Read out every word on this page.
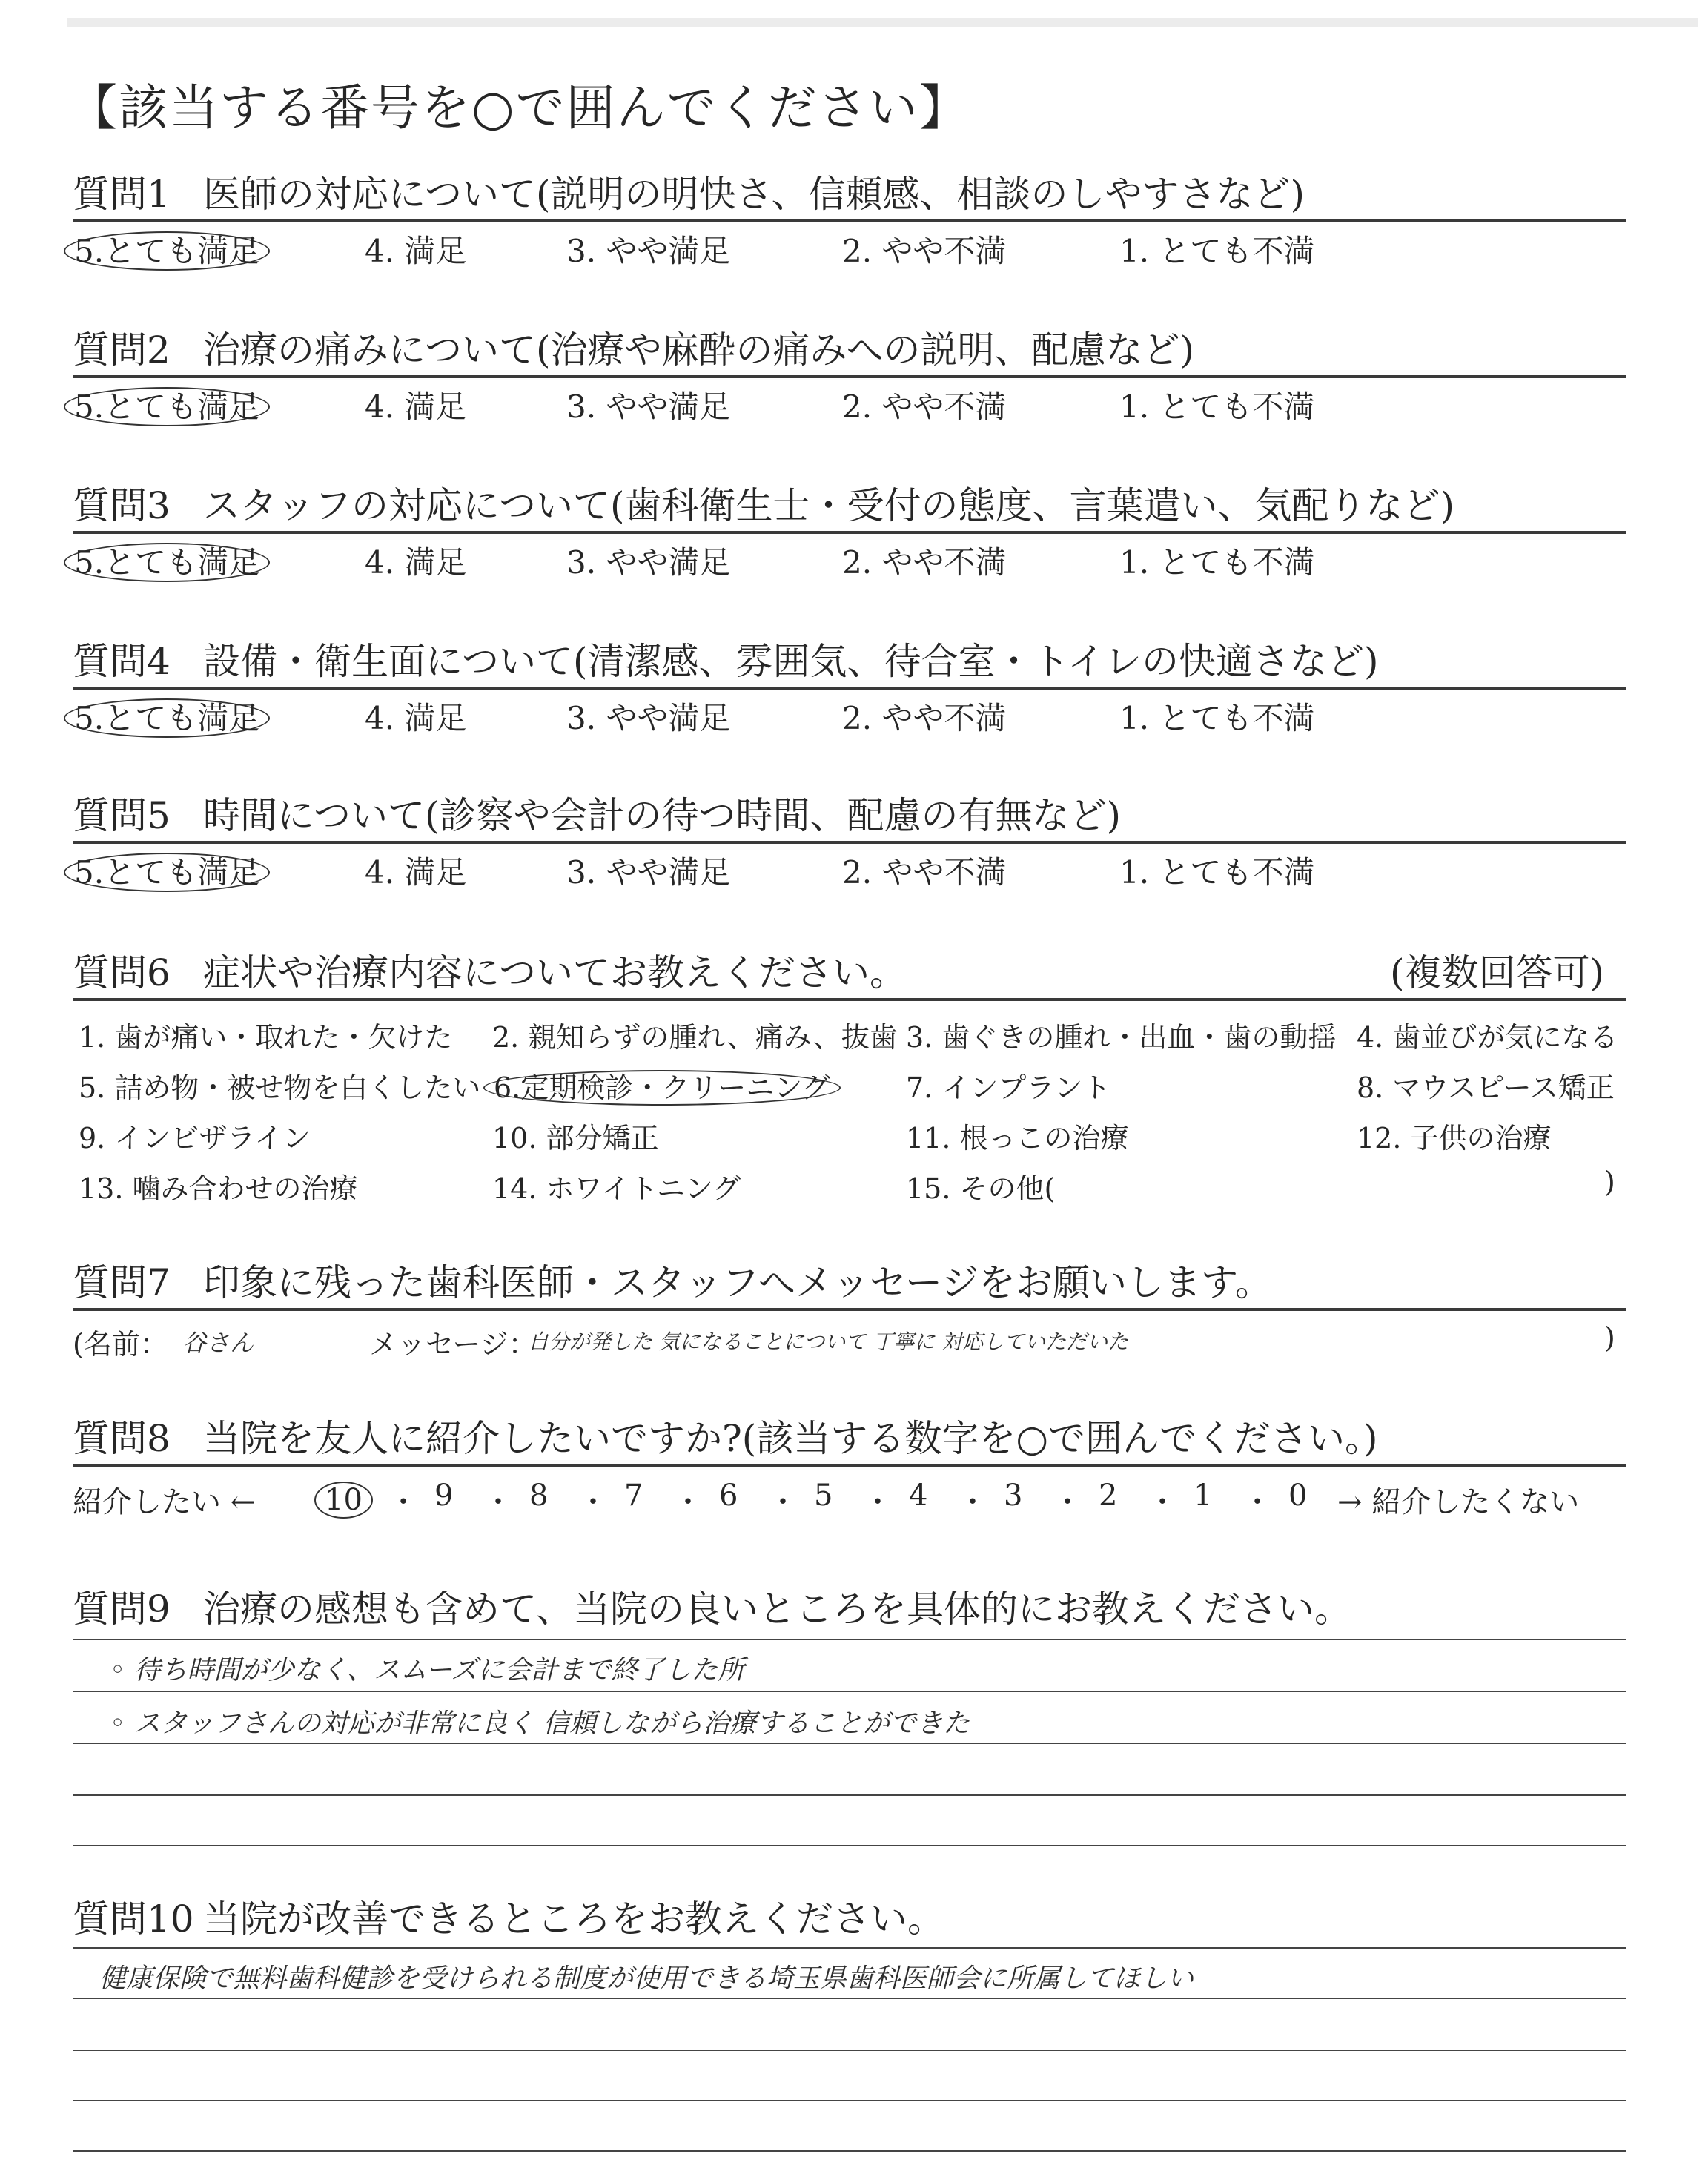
【該当する番号を○で囲んでください】
質問1 医師の対応について(説明の明快さ、信頼感、相談のしやすさなど)
5.とても満足	4. 満足	3. やや満足	2. やや不満	1. とても不満
質問2 治療の痛みについて(治療や麻酔の痛みへの説明、配慮など)
5.とても満足	4. 満足	3. やや満足	2. やや不満	1. とても不満
質問3 スタッフの対応について(歯科衛生士・受付の態度、言葉遣い、気配りなど)
5.とても満足	4. 満足	3. やや満足	2. やや不満	1. とても不満
質問4 設備・衛生面について(清潔感、雰囲気、待合室・トイレの快適さなど)
5.とても満足	4. 満足	3. やや満足	2. やや不満	1. とても不満
質問5 時間について(診察や会計の待つ時間、配慮の有無など)
5.とても満足	4. 満足	3. やや満足	2. やや不満	1. とても不満
質問6 症状や治療内容についてお教えください。	(複数回答可)
1. 歯が痛い・取れた・欠けた 2. 親知らずの腫れ、痛み、抜歯 3. 歯ぐきの腫れ・出血・歯の動揺 4. 歯並びが気になる
5. 詰め物・被せ物を白くしたい 6.定期検診・クリーニング	7. インプラント	8. マウスピース矯正
9. インビザライン	10. 部分矯正	11. 根っこの治療	12. 子供の治療
13. 噛み合わせの治療	14. ホワイトニング	15. その他(	)
質問7 印象に残った歯科医師・スタッフへメッセージをお願いします。
(名前： 谷さん	メッセージ：
自分が発した 気になることについて 丁寧に 対応していただいた	)
質問8 当院を友人に紹介したいですか?(該当する数字を○で囲んでください。)
紹介したい ←	10 ・ 9 ・ 8 ・ 7 ・ 6 ・ 5 ・ 4 ・ 3 ・ 2 ・ 1 ・ 0 → 紹介したくない
質問9 治療の感想も含めて、当院の良いところを具体的にお教えください。
◦ 待ち時間が少なく、スムーズに会計まで終了した所
◦ スタッフさんの対応が非常に良く 信頼しながら治療することができた
質問10 当院が改善できるところをお教えください。
健康保険で無料歯科健診を受けられる制度が使用できる埼玉県歯科医師会に所属してほしい
